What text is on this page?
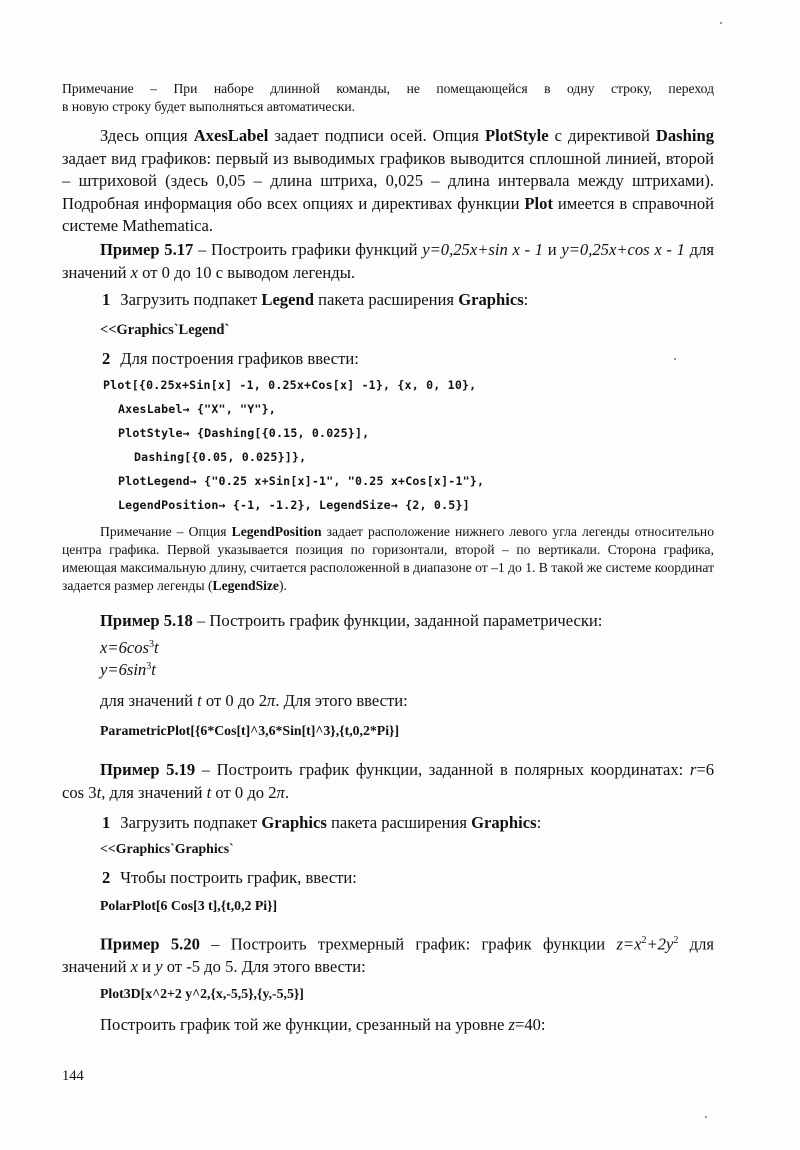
Примечание – При наборе длинной команды, не помещающейся в одну строку, переход
в новую строку будет выполняться автоматически.
Здесь опция AxesLabel задает подписи осей. Опция PlotStyle с директивой Dashing задает вид графиков: первый из выводимых графиков выводится сплошной линией, второй – штриховой (здесь 0,05 – длина штриха, 0,025 – длина интервала между штрихами). Подробная информация обо всех опциях и директивах функции Plot имеется в справочной системе Mathematica.
Пример 5.17 – Построить графики функций y=0,25x+sin x - 1 и y=0,25x+cos x - 1 для значений x от 0 до 10 с выводом легенды.
1 Загрузить подпакет Legend пакета расширения Graphics:
<<Graphics`Legend`
2 Для построения графиков ввести:
Plot[{0.25x+Sin[x] -1, 0.25x+Cos[x] -1}, {x, 0, 10},
AxesLabel→ {"X", "Y"},
PlotStyle→ {Dashing[{0.15, 0.025}],
Dashing[{0.05, 0.025}]},
PlotLegend→ {"0.25 x+Sin[x]-1", "0.25 x+Cos[x]-1"},
LegendPosition→ {-1, -1.2}, LegendSize→ {2, 0.5}]
Примечание – Опция LegendPosition задает расположение нижнего левого угла легенды относительно центра графика. Первой указывается позиция по горизонтали, второй – по вертикали. Сторона графика, имеющая максимальную длину, считается расположенной в диапазоне от –1 до 1. В такой же системе координат задается размер легенды (LegendSize).
Пример 5.18 – Построить график функции, заданной параметрически:
$x=6\cos^3t$
$y=6\sin^3t$
для значений t от 0 до 2π. Для этого ввести:
ParametricPlot[{6*Cos[t]^3,6*Sin[t]^3},{t,0,2*Pi}]
Пример 5.19 – Построить график функции, заданной в полярных координатах: r=6 cos 3t, для значений t от 0 до 2π.
1 Загрузить подпакет Graphics пакета расширения Graphics:
<<Graphics`Graphics`
2 Чтобы построить график, ввести:
PolarPlot[6 Cos[3 t],{t,0,2 Pi}]
Пример 5.20 – Построить трехмерный график: график функции $z=x^2+2y^2$ для значений x и y от -5 до 5. Для этого ввести:
Plot3D[x^2+2 y^2,{x,-5,5},{y,-5,5}]
Построить график той же функции, срезанный на уровне z=40:
144
